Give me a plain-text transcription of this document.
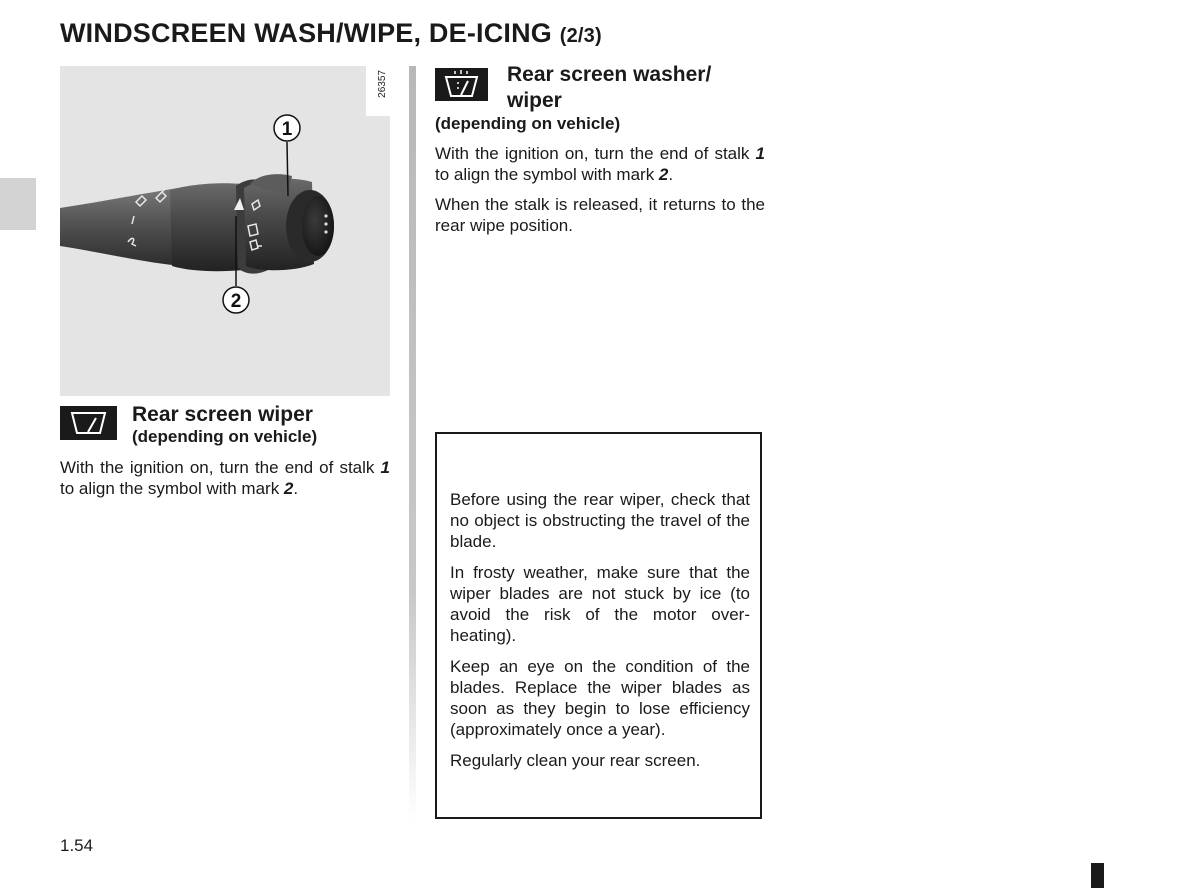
WINDSCREEN WASH/WIPE, DE-ICING (2/3)
1
2
26357
Rear screen wiper
(depending on vehicle)
With the ignition on, turn the end of stalk 1 to align the symbol with mark 2.
Rear screen washer/
wiper
(depending on vehicle)
With the ignition on, turn the end of stalk 1 to align the symbol with mark 2.
When the stalk is released, it returns to the rear wipe position.
Before using the rear wiper, check that no object is obstructing the travel of the blade.
In frosty weather, make sure that the wiper blades are not stuck by ice (to avoid the risk of the motor over-heating).
Keep an eye on the condition of the blades. Replace the wiper blades as soon as they begin to lose efficiency (approximately once a year).
Regularly clean your rear screen.
1.54
